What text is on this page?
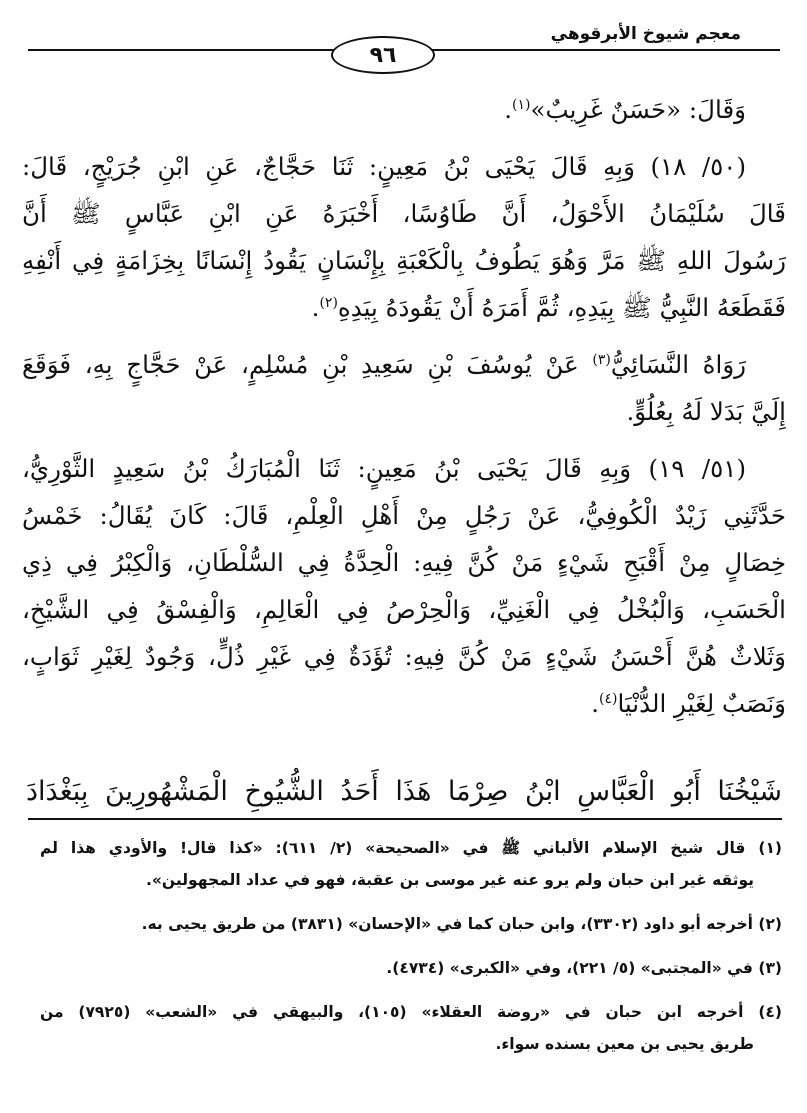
معجم شيوخ الأبرقوهي
٩٦
وَقَالَ: «حَسَنٌ غَرِيبٌ»$^{(١)}$.
(٥٠/ ١٨) وَبِهِ قَالَ يَحْيَى بْنُ مَعِينٍ: ثَنَا حَجَّاجٌ، عَنِ ابْنِ جُرَيْجٍ، قَالَ:
قَالَ سُلَيْمَانُ الأَحْوَلُ، أَنَّ طَاوُسًا، أَخْبَرَهُ عَنِ ابْنِ عَبَّاسٍ ﷺ أَنَّ
رَسُولَ اللهِ ﷺ مَرَّ وَهُوَ يَطُوفُ بِالْكَعْبَةِ بِإِنْسَانٍ يَقُودُ إِنْسَانًا بِخِزَامَةٍ فِي أَنْفِهِ
فَقَطَعَهُ النَّبِيُّ ﷺ بِيَدِهِ، ثُمَّ أَمَرَهُ أَنْ يَقُودَهُ بِيَدِهِ$^{(٢)}$.
رَوَاهُ النَّسَائِيُّ$^{(٣)}$ عَنْ يُوسُفَ بْنِ سَعِيدِ بْنِ مُسْلِمٍ، عَنْ حَجَّاجٍ بِهِ، فَوَقَعَ
إِلَيَّ بَدَلا لَهُ بِعُلُوٍّ.
(٥١/ ١٩) وَبِهِ قَالَ يَحْيَى بْنُ مَعِينٍ: ثَنَا الْمُبَارَكُ بْنُ سَعِيدٍ الثَّوْرِيُّ،
حَدَّثَنِي زَيْدٌ الْكُوفِيُّ، عَنْ رَجُلٍ مِنْ أَهْلِ الْعِلْمِ، قَالَ: كَانَ يُقَالُ: خَمْسُ
خِصَالٍ مِنْ أَقْبَحِ شَيْءٍ مَنْ كُنَّ فِيهِ: الْحِدَّةُ فِي السُّلْطَانِ، وَالْكِبْرُ فِي ذِي
الْحَسَبِ، وَالْبُخْلُ فِي الْغَنِيِّ، وَالْحِرْصُ فِي الْعَالِمِ، وَالْفِسْقُ فِي الشَّيْخِ،
وَثَلاثٌ هُنَّ أَحْسَنُ شَيْءٍ مَنْ كُنَّ فِيهِ: تُؤَدَةٌ فِي غَيْرِ ذُلٍّ، وَجُودٌ لِغَيْرِ ثَوَابٍ،
وَنَصَبٌ لِغَيْرِ الدُّنْيَا$^{(٤)}$.
شَيْخُنَا أَبُو الْعَبَّاسِ ابْنُ صِرْمَا هَذَا أَحَدُ الشُّيُوخِ الْمَشْهُورِينَ بِبَغْدَادَ
(١) قال شيخ الإسلام الألباني ﷺ في «الصحيحة» (٢/ ٦١١): «كذا قال! والأودي هذا لم
يوثقه غير ابن حبان ولم يرو عنه غير موسى بن عقبة، فهو في عداد المجهولين».
(٢) أخرجه أبو داود (٣٣٠٢)، وابن حبان كما في «الإحسان» (٣٨٣١) من طريق يحيى به.
(٣) في «المجتبى» (٥/ ٢٢١)، وفي «الكبرى» (٤٧٣٤).
(٤) أخرجه ابن حبان في «روضة العقلاء» (١٠٥)، والبيهقي في «الشعب» (٧٩٢٥) من
طريق يحيى بن معين بسنده سواء.
